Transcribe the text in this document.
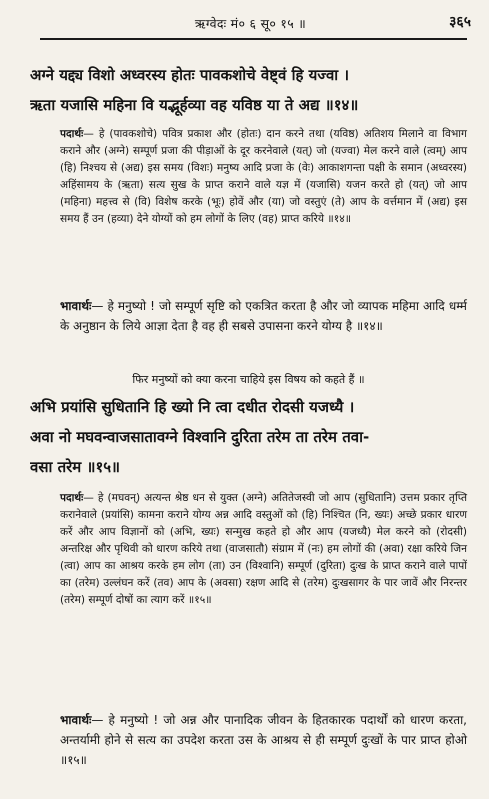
ऋग्वेदः मं० ६ सू० १५ ॥	३६५
अग्ने यद्द्य विशो अध्वरस्य होतः पावकशोचे वेष्ट्वं हि यज्वा ।
ऋता यजासि महिना वि यद्भूर्हव्या वह यविष्ठ या ते अद्य ॥१४॥
पदार्थः— हे (पावकशोचे) पवित्र प्रकाश और (होतः) दान करने तथा (यविष्ठ) अतिशय मिलाने वा विभाग कराने और (अग्ने) सम्पूर्ण प्रजा की पीड़ाओं के दूर करनेवाले (यत्) जो (यज्वा) मेल करने वाले (त्वम्) आप (हि) निश्चय से (अद्य) इस समय (विशः) मनुष्य आदि प्रजा के (वेः) आकाशगन्ता पक्षी के समान (अध्वरस्य) अहिंसामय के (ऋता) सत्य सुख के प्राप्त कराने वाले यज्ञ में (यजासि) यजन करते हो (यत्) जो आप (महिना) महत्त्व से (वि) विशेष करके (भूः) होवें और (या) जो वस्तुएं (ते) आप के वर्त्तमान में (अद्य) इस समय हैं उन (हव्या) देने योग्यों को हम लोगों के लिए (वह) प्राप्त करिये ॥१४॥
भावार्थः— हे मनुष्यो ! जो सम्पूर्ण सृष्टि को एकत्रित करता है और जो व्यापक महिमा आदि धर्म्म के अनुष्ठान के लिये आज्ञा देता है वह ही सबसे उपासना करने योग्य है ॥१४॥
फिर मनुष्यों को क्या करना चाहिये इस विषय को कहते हैं ॥
अभि प्रयांसि सुधितानि हि ख्यो नि त्वा दधीत रोदसी यजध्यै ।
अवा नो मघवन्वाजसातावग्ने विश्वानि दुरिता तरेम ता तरेम तवा-
वसा तरेम ॥१५॥
पदार्थः— हे (मघवन्) अत्यन्त श्रेष्ठ धन से युक्त (अग्ने) अतितेजस्वी जो आप (सुधितानि) उत्तम प्रकार तृप्ति करानेवाले (प्रयांसि) कामना कराने योग्य अन्न आदि वस्तुओं को (हि) निश्चित (नि, ख्यः) अच्छे प्रकार धारण करें और आप विज्ञानों को (अभि, ख्यः) सन्मुख कहते हो और आप (यजध्यै) मेल करने को (रोदसी) अन्तरिक्ष और पृथिवी को धारण करिये तथा (वाजसातौ) संग्राम में (नः) हम लोगों की (अवा) रक्षा करिये जिन (त्वा) आप का आश्रय करके हम लोग (ता) उन (विश्वानि) सम्पूर्ण (दुरिता) दुःख के प्राप्त कराने वाले पापों का (तरेम) उल्लंघन करें (तव) आप के (अवसा) रक्षण आदि से (तरेम) दुःखसागर के पार जावें और निरन्तर (तरेम) सम्पूर्ण दोषों का त्याग करें ॥१५॥
भावार्थः— हे मनुष्यो ! जो अन्न और पानादिक जीवन के हितकारक पदार्थों को धारण करता, अन्तर्यामी होने से सत्य का उपदेश करता उस के आश्रय से ही सम्पूर्ण दुःखों के पार प्राप्त होओ ॥१५॥
